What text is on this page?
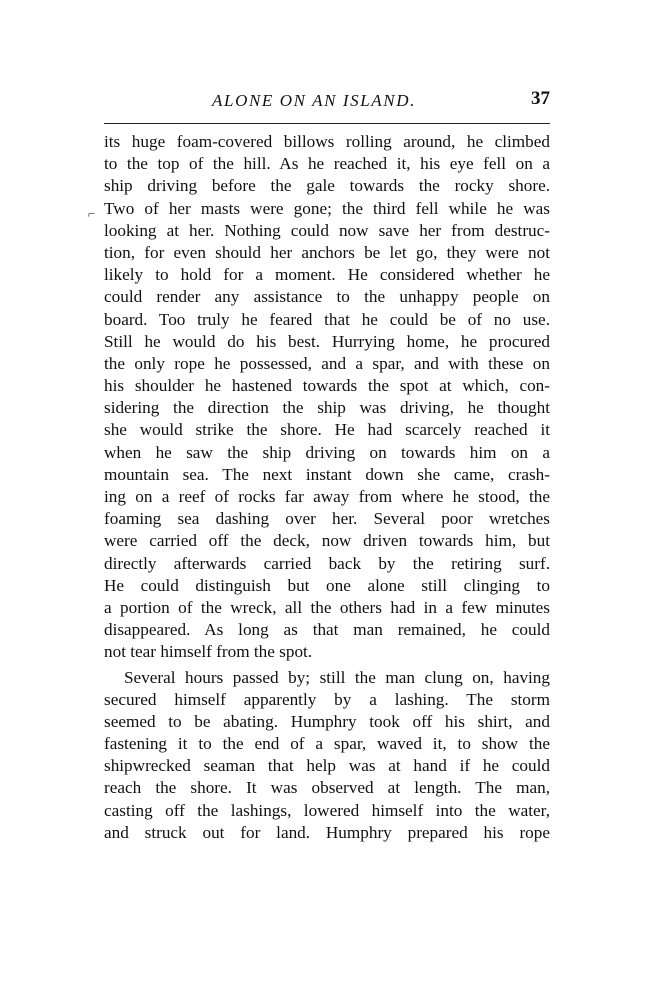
ALONE ON AN ISLAND.	37
⌐
its huge foam-covered billows rolling around, he climbed
to the top of the hill. As he reached it, his eye fell on a
ship driving before the gale towards the rocky shore.
Two of her masts were gone; the third fell while he was
looking at her. Nothing could now save her from destruc-
tion, for even should her anchors be let go, they were not
likely to hold for a moment. He considered whether he
could render any assistance to the unhappy people on
board. Too truly he feared that he could be of no use.
Still he would do his best. Hurrying home, he procured
the only rope he possessed, and a spar, and with these on
his shoulder he hastened towards the spot at which, con-
sidering the direction the ship was driving, he thought
she would strike the shore. He had scarcely reached it
when he saw the ship driving on towards him on a
mountain sea. The next instant down she came, crash-
ing on a reef of rocks far away from where he stood, the
foaming sea dashing over her. Several poor wretches
were carried off the deck, now driven towards him, but
directly afterwards carried back by the retiring surf.
He could distinguish but one alone still clinging to
a portion of the wreck, all the others had in a few minutes
disappeared. As long as that man remained, he could
not tear himself from the spot.
Several hours passed by; still the man clung on, having
secured himself apparently by a lashing. The storm
seemed to be abating. Humphry took off his shirt, and
fastening it to the end of a spar, waved it, to show the
shipwrecked seaman that help was at hand if he could
reach the shore. It was observed at length. The man,
casting off the lashings, lowered himself into the water,
and struck out for land. Humphry prepared his rope
